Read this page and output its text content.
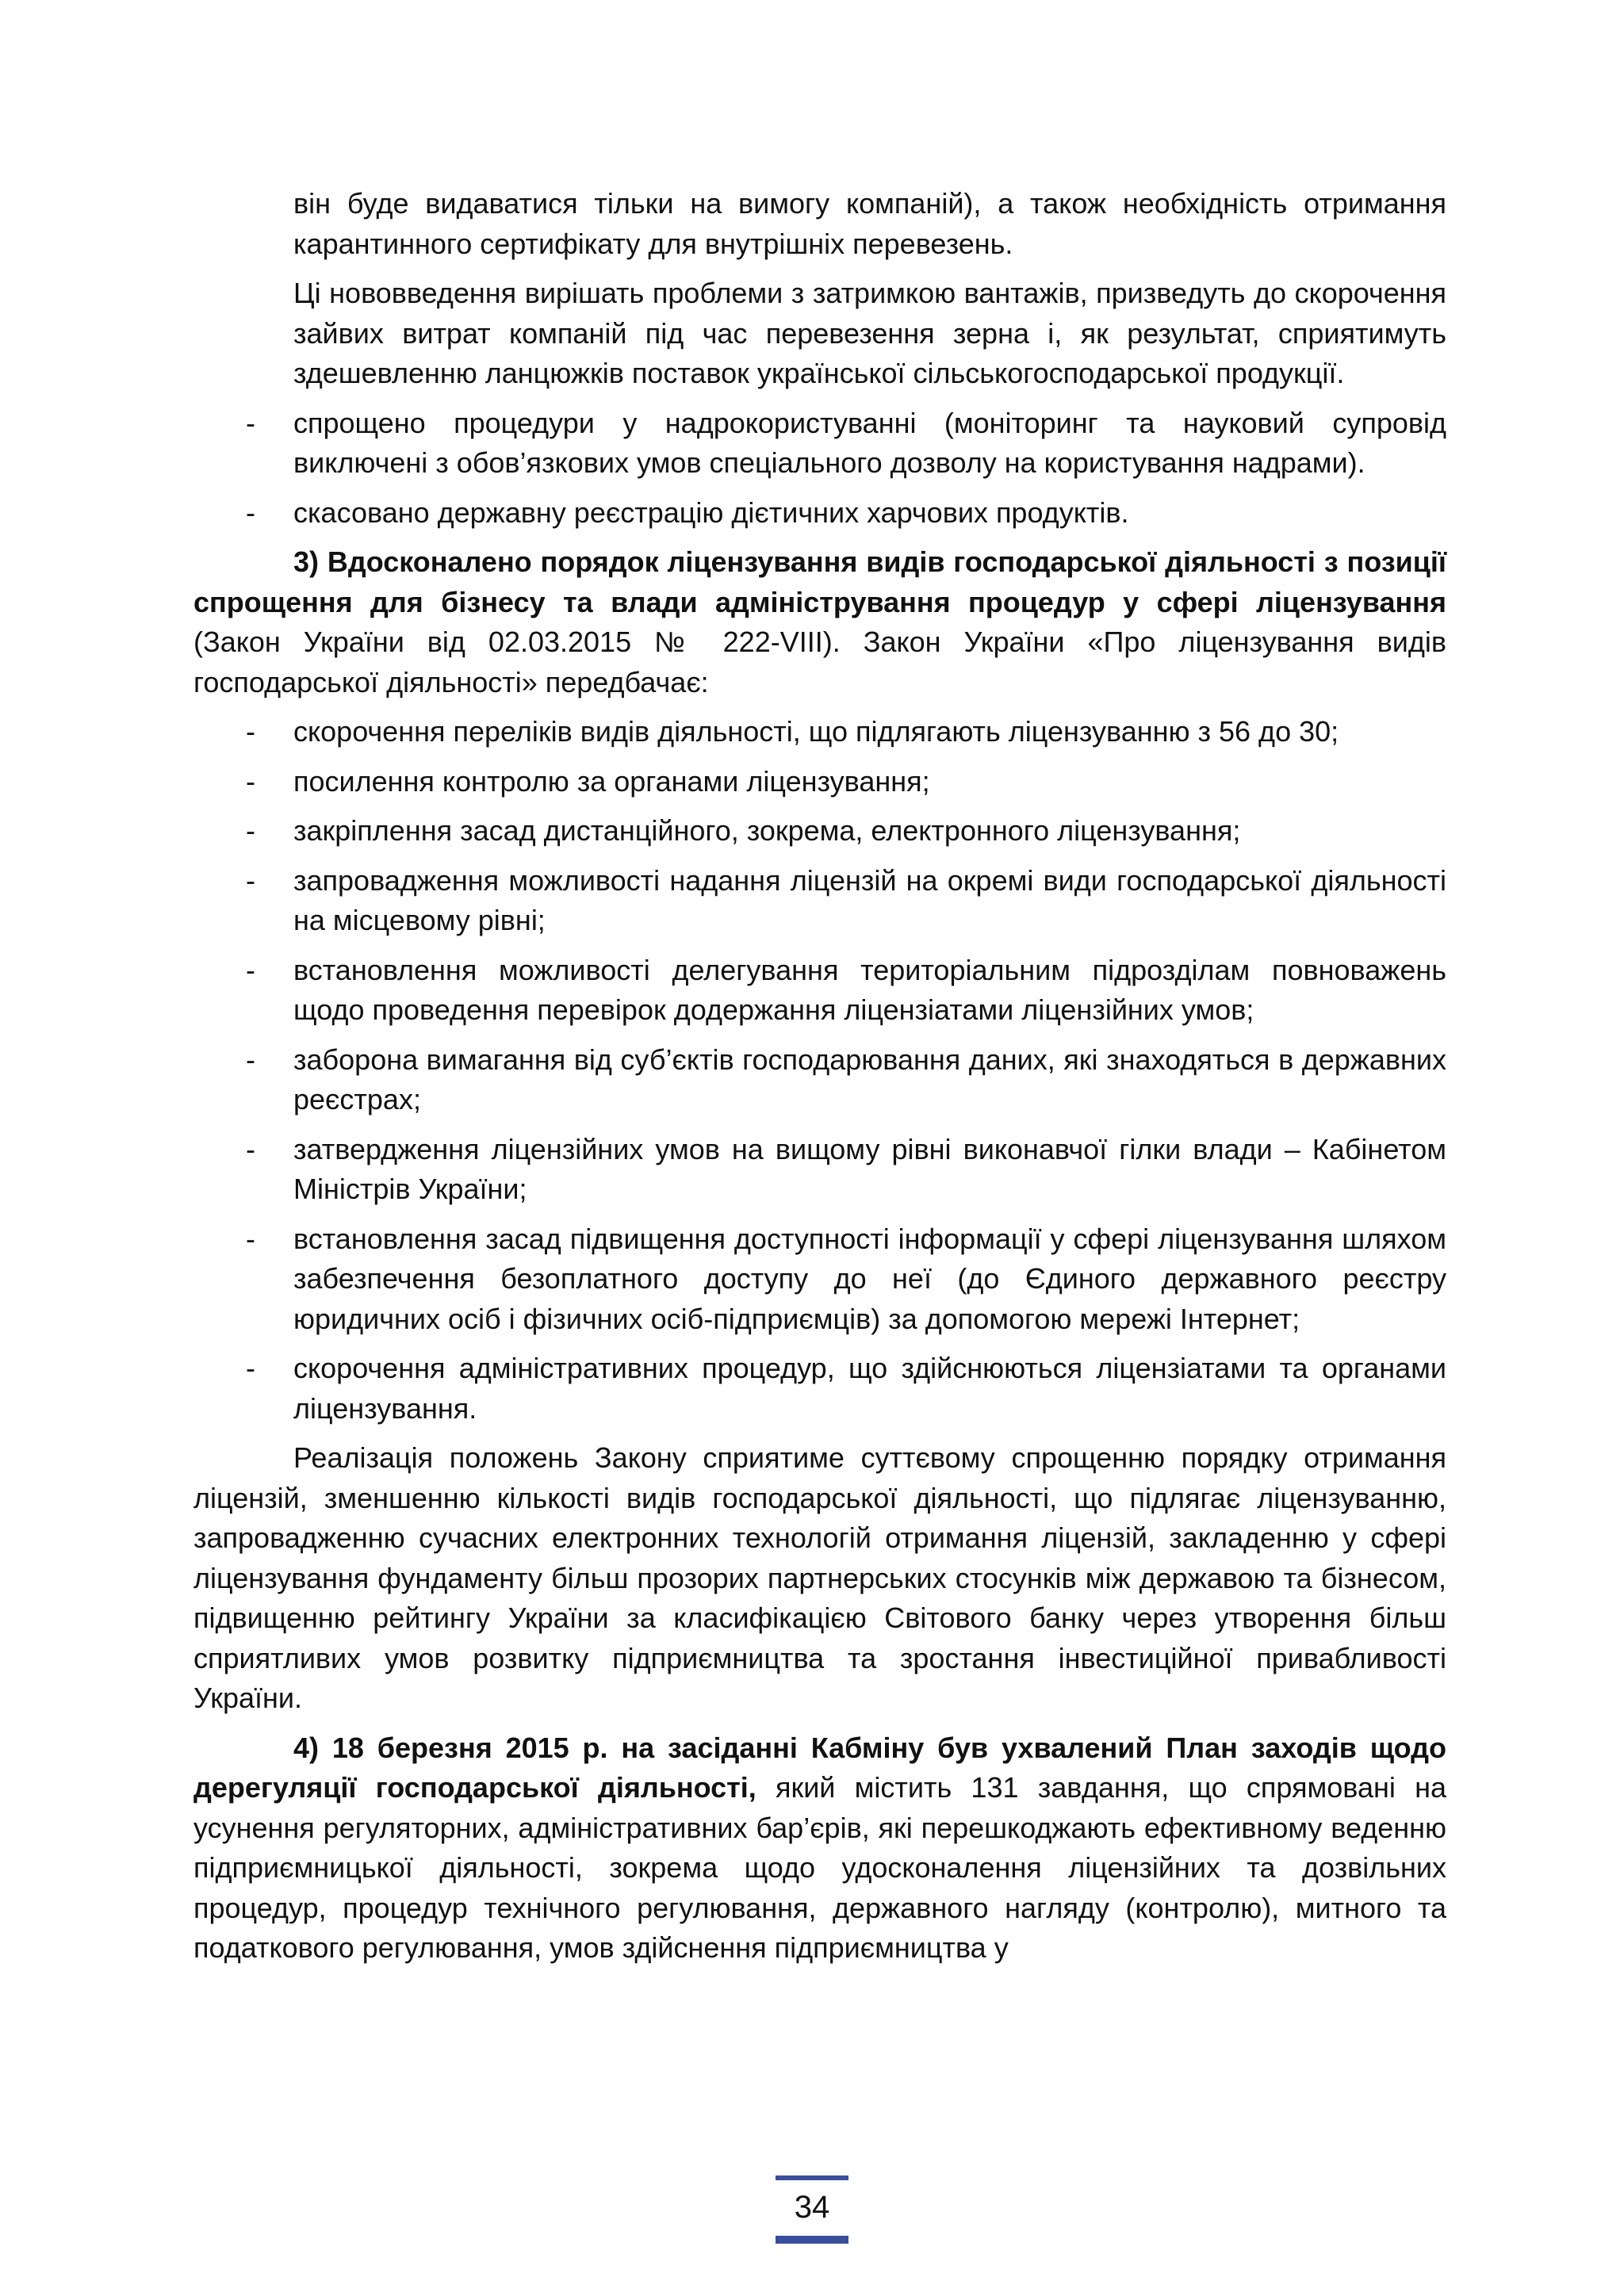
він буде видаватися тільки на вимогу компаній), а також необхідність отримання карантинного сертифікату для внутрішніх перевезень.

Ці нововведення вирішать проблеми з затримкою вантажів, призведуть до скорочення зайвих витрат компаній під час перевезення зерна і, як результат, сприятимуть здешевленню ланцюжків поставок української сільськогосподарської продукції.

- спрощено процедури у надрокористуванні (моніторинг та науковий супровід виключені з обов’язкових умов спеціального дозволу на користування надрами).
- скасовано державну реєстрацію дієтичних харчових продуктів.

3) Вдосконалено порядок ліцензування видів господарської діяльності з позиції спрощення для бізнесу та влади адміністрування процедур у сфері ліцензування (Закон України від 02.03.2015 № 222-VIII). Закон України «Про ліцензування видів господарської діяльності» передбачає:

- скорочення переліків видів діяльності, що підлягають ліцензуванню з 56 до 30;
- посилення контролю за органами ліцензування;
- закріплення засад дистанційного, зокрема, електронного ліцензування;
- запровадження можливості надання ліцензій на окремі види господарської діяльності на місцевому рівні;
- встановлення можливості делегування територіальним підрозділам повноважень щодо проведення перевірок додержання ліцензіатами ліцензійних умов;
- заборона вимагання від суб’єктів господарювання даних, які знаходяться в державних реєстрах;
- затвердження ліцензійних умов на вищому рівні виконавчої гілки влади – Кабінетом Міністрів України;
- встановлення засад підвищення доступності інформації у сфері ліцензування шляхом забезпечення безоплатного доступу до неї (до Єдиного державного реєстру юридичних осіб і фізичних осіб-підприємців) за допомогою мережі Інтернет;
- скорочення адміністративних процедур, що здійснюються ліцензіатами та органами ліцензування.

Реалізація положень Закону сприятиме суттєвому спрощенню порядку отримання ліцензій, зменшенню кількості видів господарської діяльності, що підлягає ліцензуванню, запровадженню сучасних електронних технологій отримання ліцензій, закладенню у сфері ліцензування фундаменту більш прозорих партнерських стосунків між державою та бізнесом, підвищенню рейтингу України за класифікацією Світового банку через утворення більш сприятливих умов розвитку підприємництва та зростання інвестиційної привабливості України.

4) 18 березня 2015 р. на засіданні Кабміну був ухвалений План заходів щодо дерегуляції господарської діяльності, який містить 131 завдання, що спрямовані на усунення регуляторних, адміністративних бар’єрів, які перешкоджають ефективному веденню підприємницької діяльності, зокрема щодо удосконалення ліцензійних та дозвільних процедур, процедур технічного регулювання, державного нагляду (контролю), митного та податкового регулювання, умов здійснення підприємництва у

34
